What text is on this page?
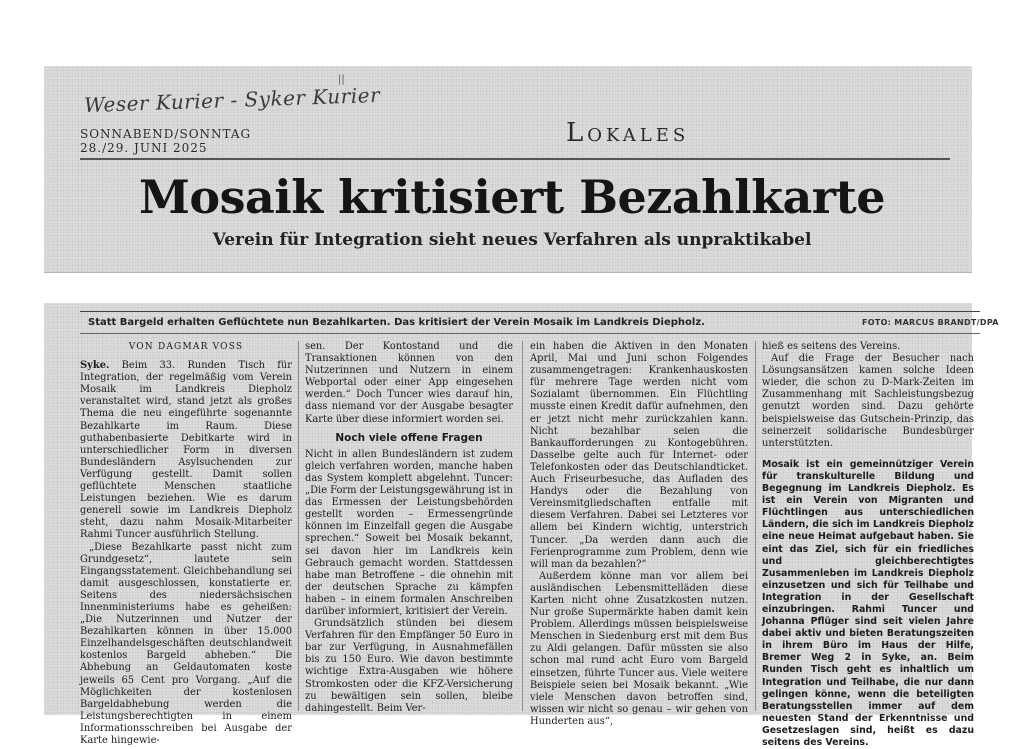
||
Weser Kurier - Syker Kurier
SONNABEND/SONNTAG
28./29. JUNI 2025	Lokales
Mosaik kritisiert Bezahlkarte
Verein für Integration sieht neues Verfahren als unpraktikabel
Statt Bargeld erhalten Geflüchtete nun Bezahlkarten. Das kritisiert der Verein Mosaik im Landkreis Diepholz.	FOTO: MARCUS BRANDT/DPA
VON DAGMAR VOSS

Syke. Beim 33. Runden Tisch für Integration, der regelmäßig vom Verein Mosaik im Landkreis Diepholz veranstaltet wird, stand jetzt als großes Thema die neu eingeführte sogenannte Bezahlkarte im Raum. Diese guthabenbasierte Debitkarte wird in unterschiedlicher Form in diversen Bundesländern Asylsuchenden zur Verfügung gestellt. Damit sollen geflüchtete Menschen staatliche Leistungen beziehen. Wie es darum generell sowie im Landkreis Diepholz steht, dazu nahm Mosaik-Mitarbeiter Rahmi Tuncer ausführlich Stellung.

„Diese Bezahlkarte passt nicht zum Grundgesetz“, lautete sein Eingangsstatement. Gleichbehandlung sei damit ausgeschlossen, konstatierte er. Seitens des niedersächsischen Innenministeriums habe es geheißen: „Die Nutzerinnen und Nutzer der Bezahlkarten können in über 15.000 Einzelhandelsgeschäften deutschlandweit kostenlos Bargeld abheben.“ Die Abhebung an Geldautomaten koste jeweils 65 Cent pro Vorgang. „Auf die Möglichkeiten der kostenlosen Bargeldabhebung werden die Leistungsberechtigten in einem Informationsschreiben bei Ausgabe der Karte hingewie-

sen. Der Kontostand und die Transaktionen können von den Nutzerinnen und Nutzern in einem Webportal oder einer App eingesehen werden.“ Doch Tuncer wies darauf hin, dass niemand vor der Ausgabe besagter Karte über diese informiert worden sei.

Noch viele offene Fragen

Nicht in allen Bundesländern ist zudem gleich verfahren worden, manche haben das System komplett abgelehnt. Tuncer: „Die Form der Leistungsgewährung ist in das Ermessen der Leistungsbehörden gestellt worden – Ermessengründe können im Einzelfall gegen die Ausgabe sprechen.“ Soweit bei Mosaik bekannt, sei davon hier im Landkreis kein Gebrauch gemacht worden. Stattdessen habe man Betroffene – die ohnehin mit der deutschen Sprache zu kämpfen haben – in einem formalen Anschreiben darüber informiert, kritisiert der Verein.

Grundsätzlich stünden bei diesem Verfahren für den Empfänger 50 Euro in bar zur Verfügung, in Ausnahmefällen bis zu 150 Euro. Wie davon bestimmte wichtige Extra-Ausgaben wie höhere Stromkosten oder die KFZ-Versicherung zu bewältigen sein sollen, bleibe dahingestellt. Beim Ver-

ein haben die Aktiven in den Monaten April, Mai und Juni schon Folgendes zusammengetragen: Krankenhauskosten für mehrere Tage werden nicht vom Sozialamt übernommen. Ein Flüchtling musste einen Kredit dafür aufnehmen, den er jetzt nicht mehr zurückzahlen kann. Nicht bezahlbar seien die Bankaufforderungen zu Kontogebühren. Dasselbe gelte auch für Internet- oder Telefonkosten oder das Deutschlandticket. Auch Friseurbesuche, das Aufladen des Handys oder die Bezahlung von Vereinsmitgliedschaften entfalle mit diesem Verfahren. Dabei sei Letzteres vor allem bei Kindern wichtig, unterstrich Tuncer. „Da werden dann auch die Ferienprogramme zum Problem, denn wie will man da bezahlen?“

Außerdem könne man vor allem bei ausländischen Lebensmittelläden diese Karten nicht ohne Zusatzkosten nutzen. Nur große Supermärkte haben damit kein Problem. Allerdings müssen beispielsweise Menschen in Siedenburg erst mit dem Bus zu Aldi gelangen. Dafür müssten sie also schon mal rund acht Euro vom Bargeld einsetzen, führte Tuncer aus. Viele weitere Beispiele seien bei Mosaik bekannt. „Wie viele Menschen davon betroffen sind, wissen wir nicht so genau – wir gehen von Hunderten aus“,

hieß es seitens des Vereins.

Auf die Frage der Besucher nach Lösungsansätzen kamen solche Ideen wieder, die schon zu D-Mark-Zeiten im Zusammenhang mit Sachleistungsbezug genutzt worden sind. Dazu gehörte beispielsweise das Gutschein-Prinzip, das seinerzeit solidarische Bundesbürger unterstützten.

Mosaik ist ein gemeinnütziger Verein für transkulturelle Bildung und Begegnung im Landkreis Diepholz. Es ist ein Verein von Migranten und Flüchtlingen aus unterschiedlichen Ländern, die sich im Landkreis Diepholz eine neue Heimat aufgebaut haben. Sie eint das Ziel, sich für ein friedliches und gleichberechtigtes Zusammenleben im Landkreis Diepholz einzusetzen und sich für Teilhabe und Integration in der Gesellschaft einzubringen. Rahmi Tuncer und Johanna Pflüger sind seit vielen Jahre dabei aktiv und bieten Beratungszeiten in ihrem Büro im Haus der Hilfe, Bremer Weg 2 in Syke, an. Beim Runden Tisch geht es inhaltlich um Integration und Teilhabe, die nur dann gelingen könne, wenn die beteiligten Beratungsstellen immer auf dem neuesten Stand der Erkenntnisse und Gesetzeslagen sind, heißt es dazu seitens des Vereins.
